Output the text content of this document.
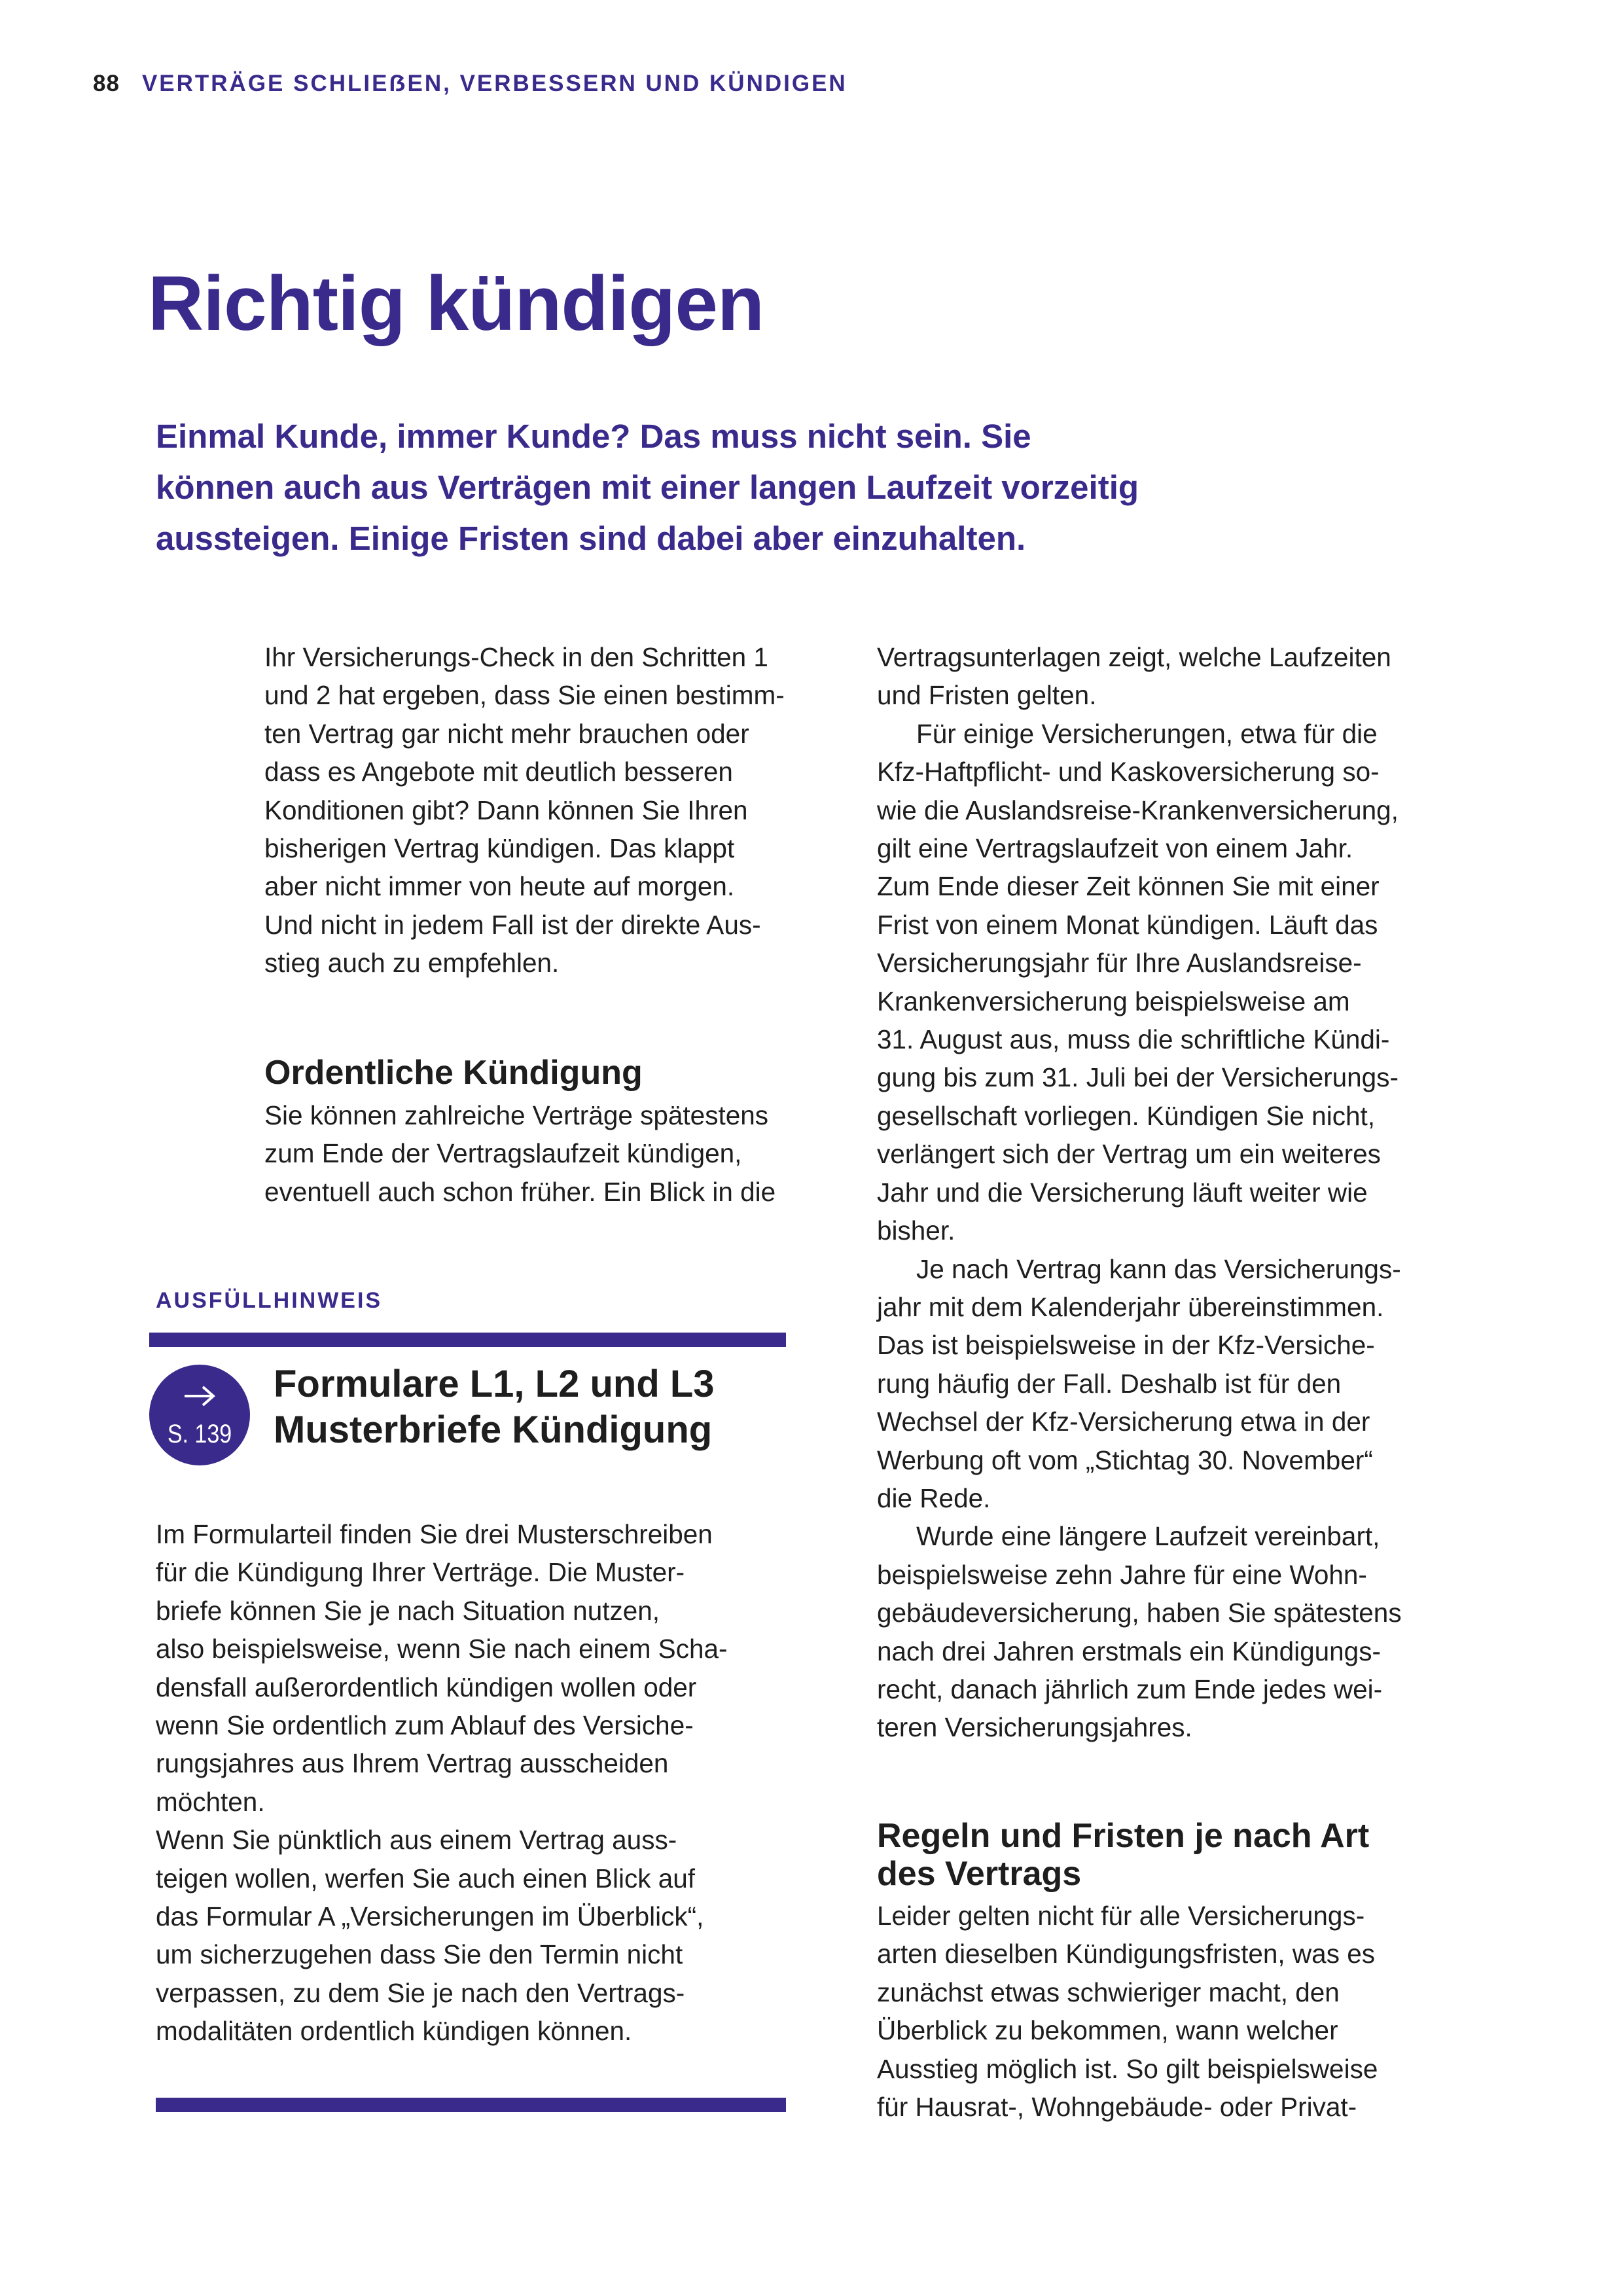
88 VERTRÄGE SCHLIEẞEN, VERBESSERN UND KÜNDIGEN
Richtig kündigen
Einmal Kunde, immer Kunde? Das muss nicht sein. Sie
können auch aus Verträgen mit einer langen Laufzeit vorzeitig
aussteigen. Einige Fristen sind dabei aber einzuhalten.
Ihr Versicherungs-Check in den Schritten 1
und 2 hat ergeben, dass Sie einen bestimm-
ten Vertrag gar nicht mehr brauchen oder
dass es Angebote mit deutlich besseren
Konditionen gibt? Dann können Sie Ihren
bisherigen Vertrag kündigen. Das klappt
aber nicht immer von heute auf morgen.
Und nicht in jedem Fall ist der direkte Aus-
stieg auch zu empfehlen.
Ordentliche Kündigung
Sie können zahlreiche Verträge spätestens
zum Ende der Vertragslaufzeit kündigen,
eventuell auch schon früher. Ein Blick in die
AUSFÜLLHINWEIS
S. 139
Formulare L1, L2 und L3
Musterbriefe Kündigung
Im Formularteil finden Sie drei Musterschreiben
für die Kündigung Ihrer Verträge. Die Muster-
briefe können Sie je nach Situation nutzen,
also beispielsweise, wenn Sie nach einem Scha-
densfall außerordentlich kündigen wollen oder
wenn Sie ordentlich zum Ablauf des Versiche-
rungsjahres aus Ihrem Vertrag ausscheiden
möchten.
Wenn Sie pünktlich aus einem Vertrag auss-
teigen wollen, werfen Sie auch einen Blick auf
das Formular A „Versicherungen im Überblick“,
um sicherzugehen dass Sie den Termin nicht
verpassen, zu dem Sie je nach den Vertrags-
modalitäten ordentlich kündigen können.
Vertragsunterlagen zeigt, welche Laufzeiten
und Fristen gelten.
Für einige Versicherungen, etwa für die
Kfz-Haftpflicht- und Kaskoversicherung so-
wie die Auslandsreise-Krankenversicherung,
gilt eine Vertragslaufzeit von einem Jahr.
Zum Ende dieser Zeit können Sie mit einer
Frist von einem Monat kündigen. Läuft das
Versicherungsjahr für Ihre Auslandsreise-
Krankenversicherung beispielsweise am
31. August aus, muss die schriftliche Kündi-
gung bis zum 31. Juli bei der Versicherungs-
gesellschaft vorliegen. Kündigen Sie nicht,
verlängert sich der Vertrag um ein weiteres
Jahr und die Versicherung läuft weiter wie
bisher.
Je nach Vertrag kann das Versicherungs-
jahr mit dem Kalenderjahr übereinstimmen.
Das ist beispielsweise in der Kfz-Versiche-
rung häufig der Fall. Deshalb ist für den
Wechsel der Kfz-Versicherung etwa in der
Werbung oft vom „Stichtag 30. November“
die Rede.
Wurde eine längere Laufzeit vereinbart,
beispielsweise zehn Jahre für eine Wohn-
gebäudeversicherung, haben Sie spätestens
nach drei Jahren erstmals ein Kündigungs-
recht, danach jährlich zum Ende jedes wei-
teren Versicherungsjahres.
Regeln und Fristen je nach Art
des Vertrags
Leider gelten nicht für alle Versicherungs-
arten dieselben Kündigungsfristen, was es
zunächst etwas schwieriger macht, den
Überblick zu bekommen, wann welcher
Ausstieg möglich ist. So gilt beispielsweise
für Hausrat-, Wohngebäude- oder Privat-
